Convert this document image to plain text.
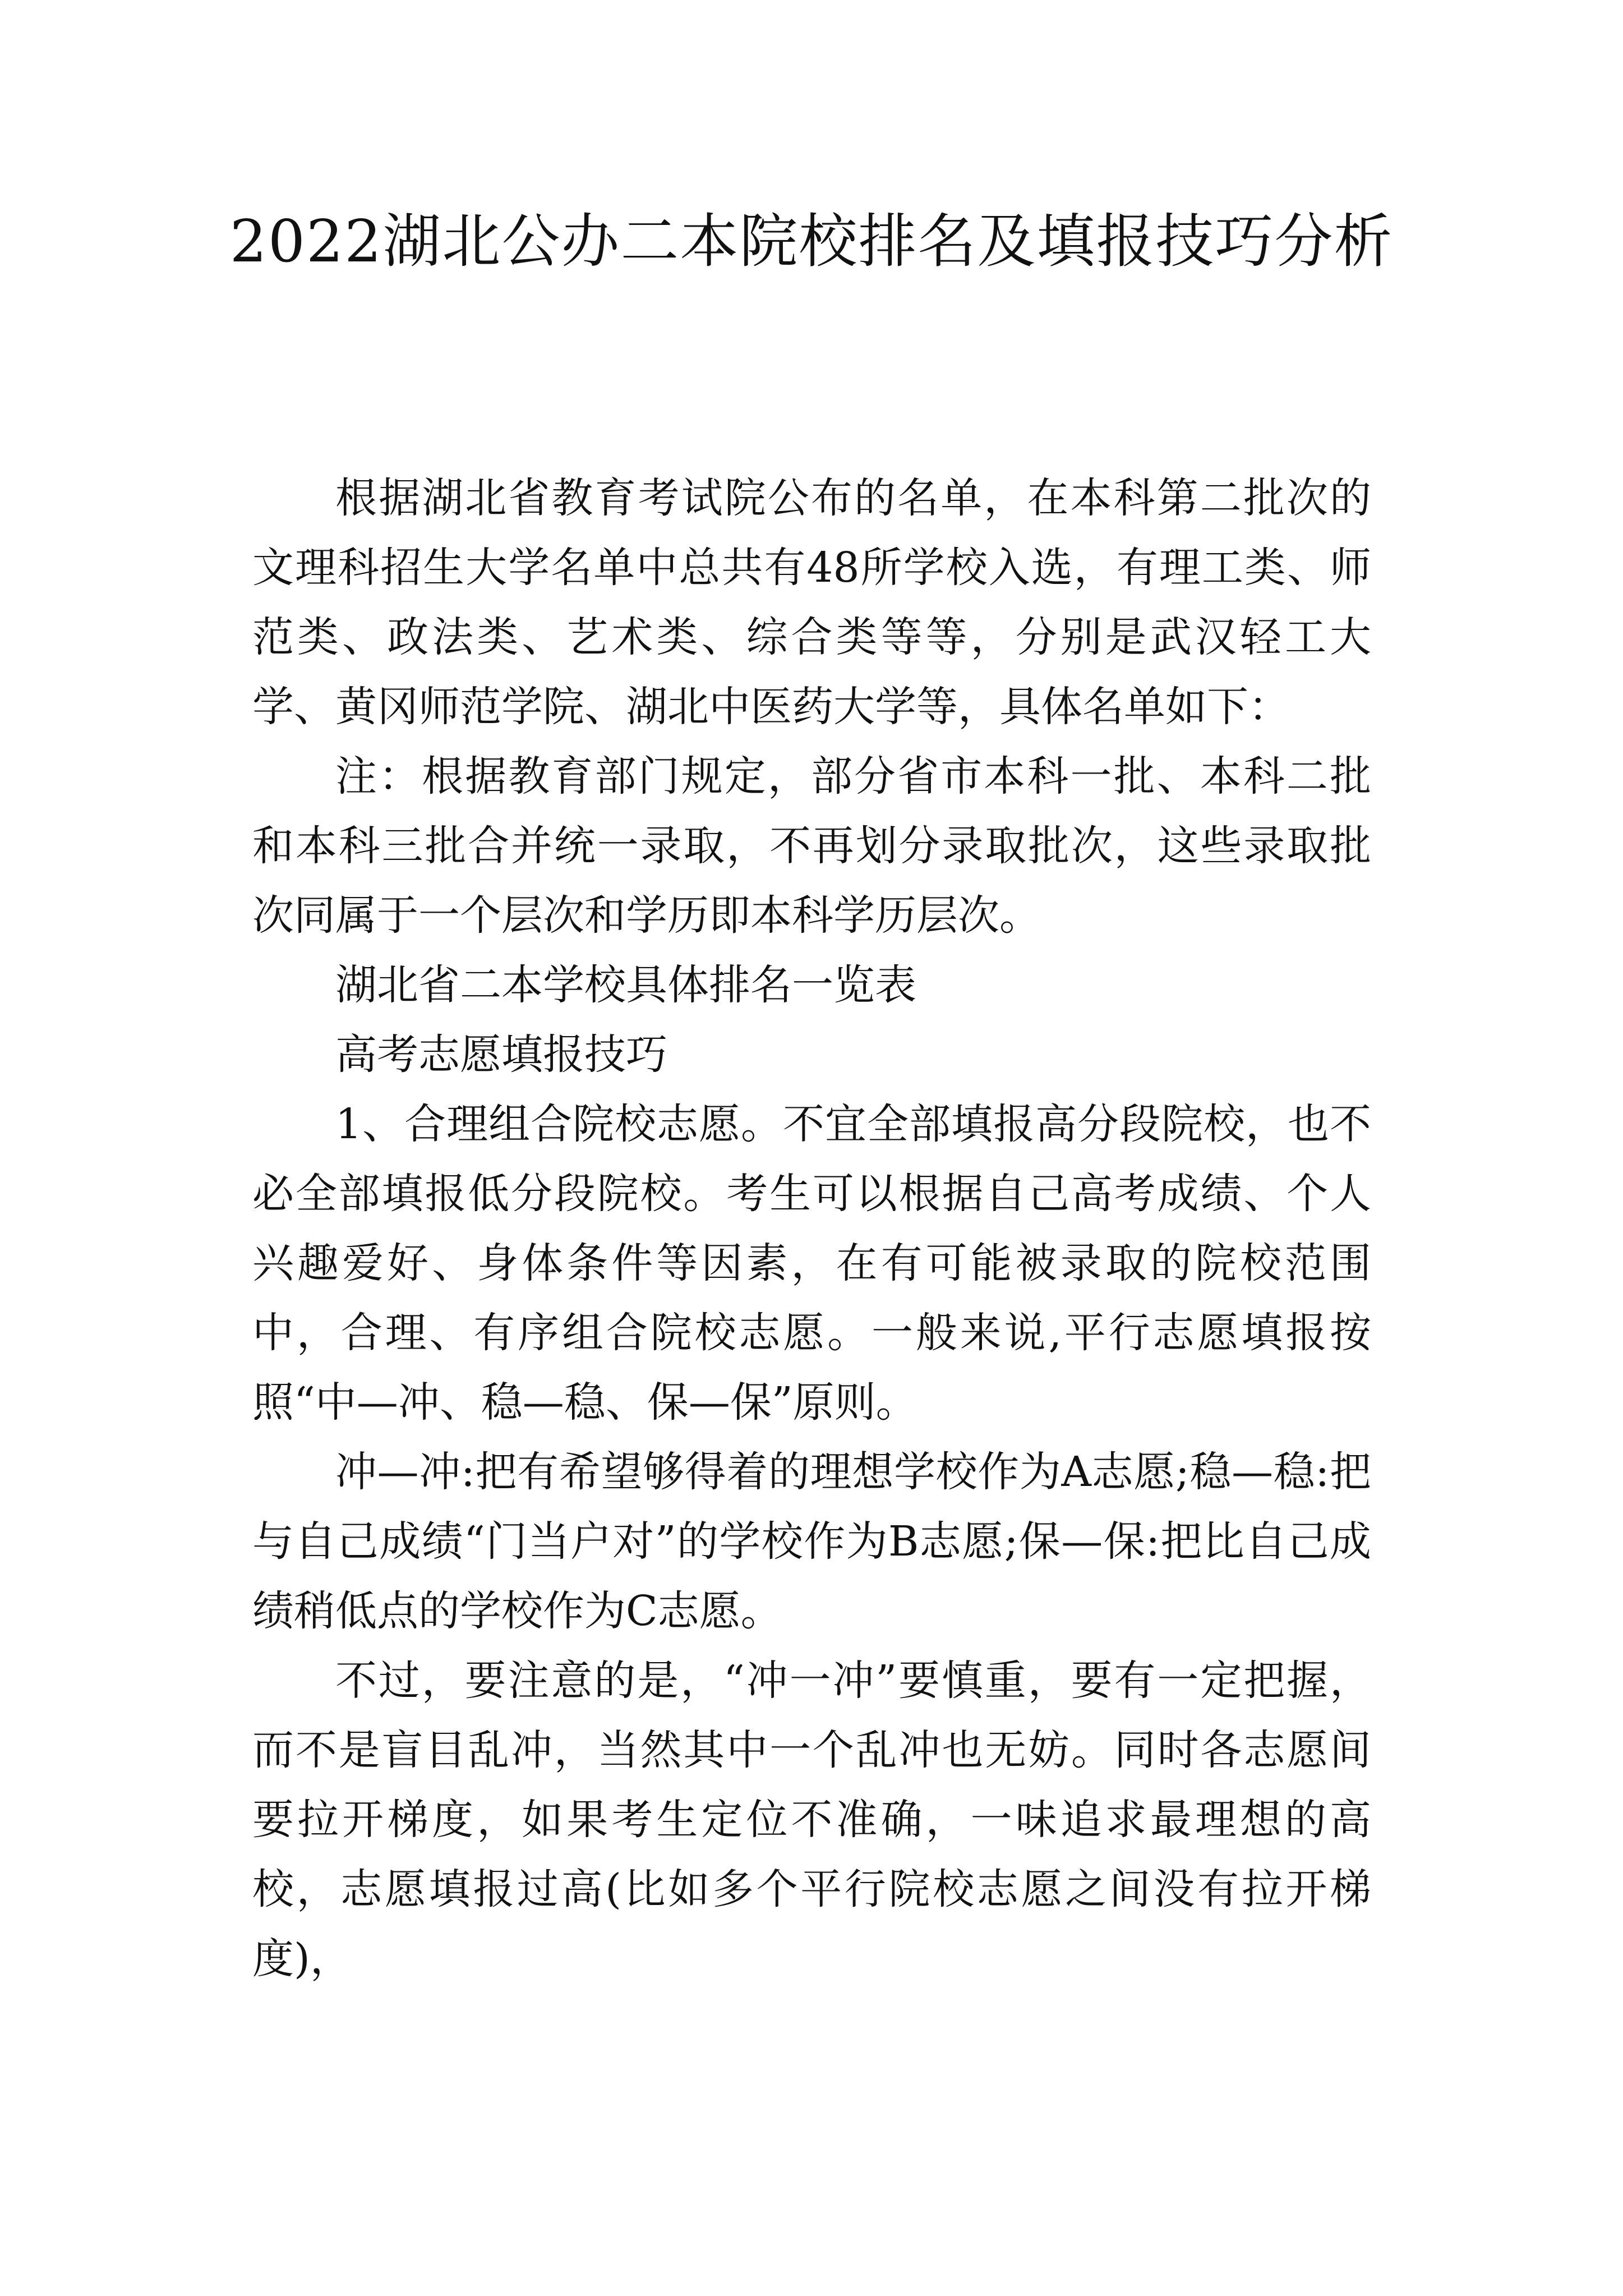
2022湖北公办二本院校排名及填报技巧分析

根据湖北省教育考试院公布的名单，在本科第二批次的文理科招生大学名单中总共有48所学校入选，有理工类、师范类、政法类、艺术类、综合类等等，分别是武汉轻工大学、黄冈师范学院、湖北中医药大学等，具体名单如下：

注：根据教育部门规定，部分省市本科一批、本科二批和本科三批合并统一录取，不再划分录取批次，这些录取批次同属于一个层次和学历即本科学历层次。

湖北省二本学校具体排名一览表

高考志愿填报技巧

1、合理组合院校志愿。不宜全部填报高分段院校，也不必全部填报低分段院校。考生可以根据自己高考成绩、个人兴趣爱好、身体条件等因素，在有可能被录取的院校范围中，合理、有序组合院校志愿。一般来说,平行志愿填报按照“中—冲、稳—稳、保—保”原则。

冲—冲:把有希望够得着的理想学校作为A志愿;稳—稳:把与自己成绩“门当户对”的学校作为B志愿;保—保:把比自己成绩稍低点的学校作为C志愿。

不过，要注意的是，“冲一冲”要慎重，要有一定把握，而不是盲目乱冲，当然其中一个乱冲也无妨。同时各志愿间要拉开梯度，如果考生定位不准确，一味追求最理想的高校，志愿填报过高(比如多个平行院校志愿之间没有拉开梯度)，
